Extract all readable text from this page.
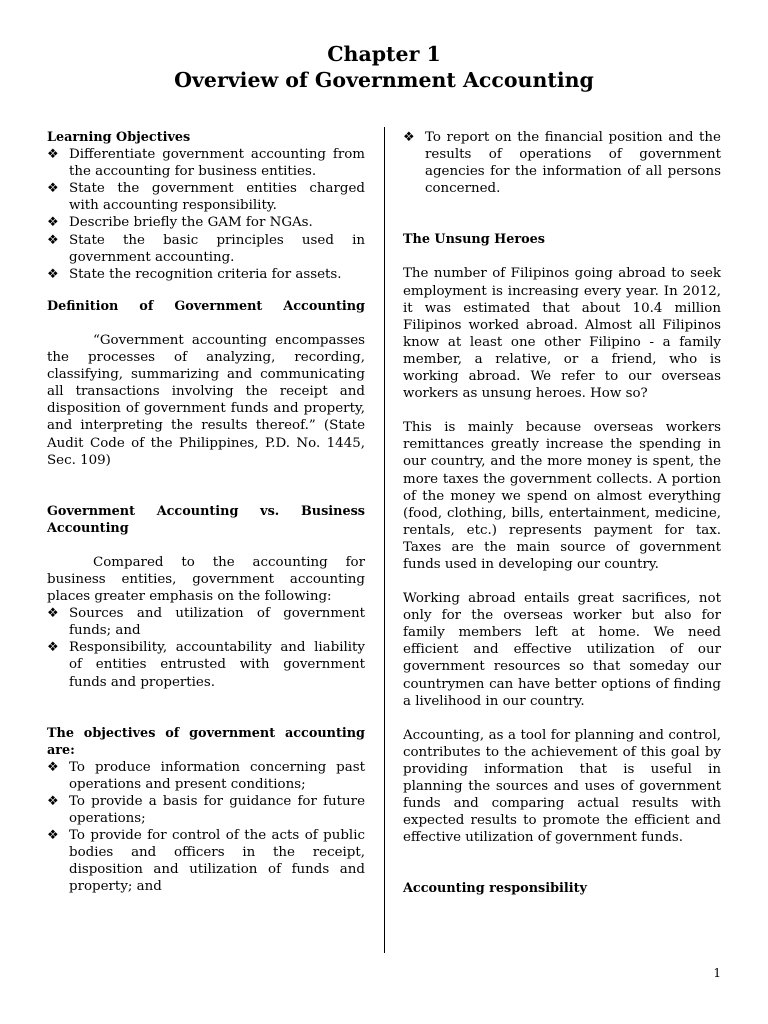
Chapter 1
Overview of Government Accounting

Learning Objectives

❖ Differentiate government accounting from the accounting for business entities.
❖ State the government entities charged with accounting responsibility.
❖ Describe briefly the GAM for NGAs.
❖ State the basic principles used in government accounting.
❖ State the recognition criteria for assets.

Definition of Government Accounting

“Government accounting encompasses the processes of analyzing, recording, classifying, summarizing and communicating all transactions involving the receipt and disposition of government funds and property, and interpreting the results thereof.” (State Audit Code of the Philippines, P.D. No. 1445, Sec. 109)

Government Accounting vs. Business Accounting

Compared to the accounting for business entities, government accounting places greater emphasis on the following:

❖ Sources and utilization of government funds; and
❖ Responsibility, accountability and liability of entities entrusted with government funds and properties.

The objectives of government accounting are:

❖ To produce information concerning past operations and present conditions;
❖ To provide a basis for guidance for future operations;
❖ To provide for control of the acts of public bodies and officers in the receipt, disposition and utilization of funds and property; and
❖ To report on the financial position and the results of operations of government agencies for the information of all persons concerned.

The Unsung Heroes

The number of Filipinos going abroad to seek employment is increasing every year. In 2012, it was estimated that about 10.4 million Filipinos worked abroad. Almost all Filipinos know at least one other Filipino - a family member, a relative, or a friend, who is working abroad. We refer to our overseas workers as unsung heroes. How so?

This is mainly because overseas workers remittances greatly increase the spending in our country, and the more money is spent, the more taxes the government collects. A portion of the money we spend on almost everything (food, clothing, bills, entertainment, medicine, rentals, etc.) represents payment for tax. Taxes are the main source of government funds used in developing our country.

Working abroad entails great sacrifices, not only for the overseas worker but also for family members left at home. We need efficient and effective utilization of our government resources so that someday our countrymen can have better options of finding a livelihood in our country.

Accounting, as a tool for planning and control, contributes to the achievement of this goal by providing information that is useful in planning the sources and uses of government funds and comparing actual results with expected results to promote the efficient and effective utilization of government funds.

Accounting responsibility

1
